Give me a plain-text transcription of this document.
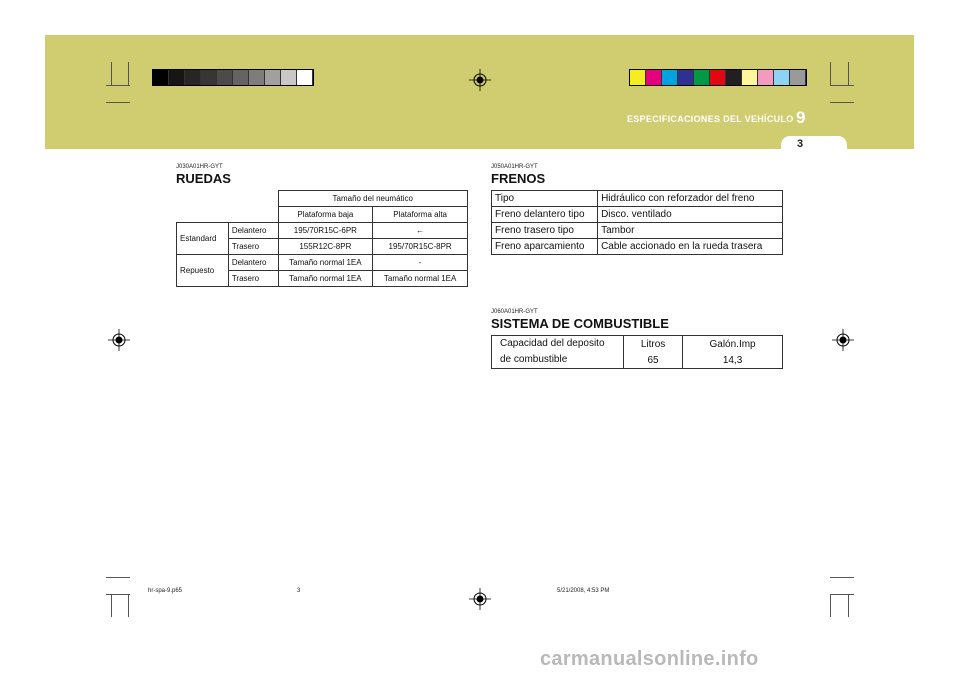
ESPECIFICACIONES DEL VEHÍCULO 9
3
J030A01HR-GYT
RUEDAS
		Tamaño del neumático	
		Plataforma baja	Plataforma alta
Estandard	Delantero	195/70R15C-6PR	←
	Trasero	155R12C-8PR	195/70R15C-8PR
Repuesto	Delantero	Tamaño normal 1EA	-
	Trasero	Tamaño normal 1EA	Tamaño normal 1EA
J050A01HR-GYT
FRENOS
Tipo	Hidráulico con reforzador del freno
Freno delantero tipo	Disco. ventilado
Freno trasero tipo	Tambor
Freno aparcamiento	Cable accionado en la rueda trasera
J060A01HR-GYT
SISTEMA DE COMBUSTIBLE
Capacidad del deposito
de combustible	Litros	Galón.Imp
	65	14,3
hr-spa-9.p65	3	5/21/2008, 4:53 PM
carmanualsonline.info
